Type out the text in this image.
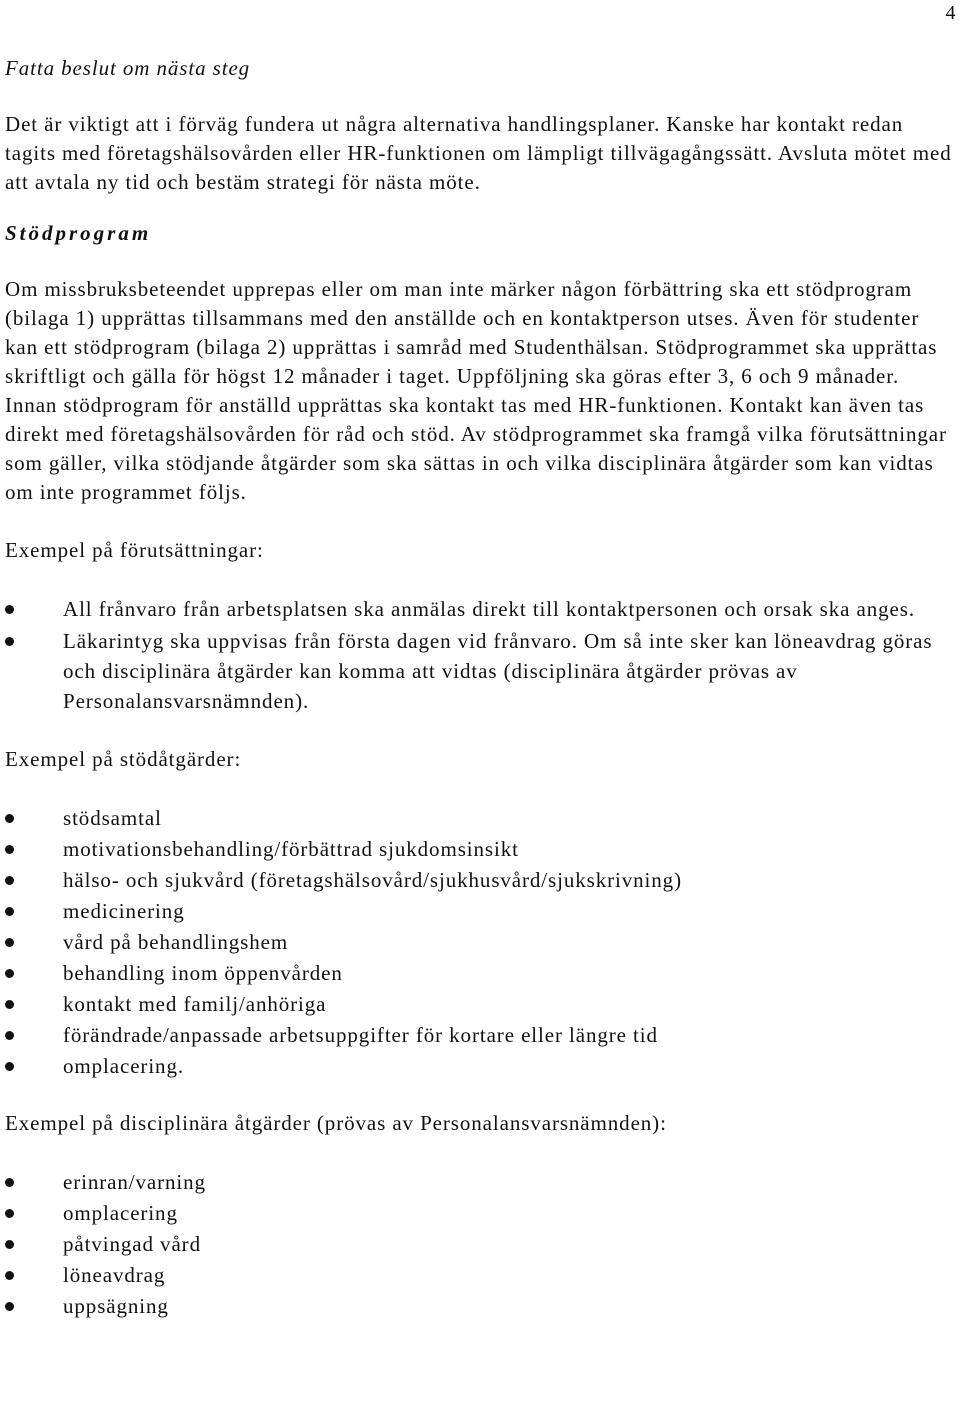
4
Fatta beslut om nästa steg

Det är viktigt att i förväg fundera ut några alternativa handlingsplaner. Kanske har kontakt redan tagits med företagshälsovården eller HR-funktionen om lämpligt tillvägagångssätt. Avsluta mötet med att avtala ny tid och bestäm strategi för nästa möte.

Stödprogram

Om missbruksbeteendet upprepas eller om man inte märker någon förbättring ska ett stödprogram (bilaga 1) upprättas tillsammans med den anställde och en kontaktperson utses. Även för studenter kan ett stödprogram (bilaga 2) upprättas i samråd med Studenthälsan. Stödprogrammet ska upprättas skriftligt och gälla för högst 12 månader i taget. Uppföljning ska göras efter 3, 6 och 9 månader. Innan stödprogram för anställd upprättas ska kontakt tas med HR-funktionen. Kontakt kan även tas direkt med företagshälsovården för råd och stöd. Av stödprogrammet ska framgå vilka förutsättningar som gäller, vilka stödjande åtgärder som ska sättas in och vilka disciplinära åtgärder som kan vidtas om inte programmet följs.

Exempel på förutsättningar:

All frånvaro från arbetsplatsen ska anmälas direkt till kontaktpersonen och orsak ska anges.
Läkarintyg ska uppvisas från första dagen vid frånvaro. Om så inte sker kan löneavdrag göras och disciplinära åtgärder kan komma att vidtas (disciplinära åtgärder prövas av Personalansvarsnämnden).

Exempel på stödåtgärder:

stödsamtal
motivationsbehandling/förbättrad sjukdomsinsikt
hälso- och sjukvård (företagshälsovård/sjukhusvård/sjukskrivning)
medicinering
vård på behandlingshem
behandling inom öppenvården
kontakt med familj/anhöriga
förändrade/anpassade arbetsuppgifter för kortare eller längre tid
omplacering.

Exempel på disciplinära åtgärder (prövas av Personalansvarsnämnden):

erinran/varning
omplacering
påtvingad vård
löneavdrag
uppsägning
